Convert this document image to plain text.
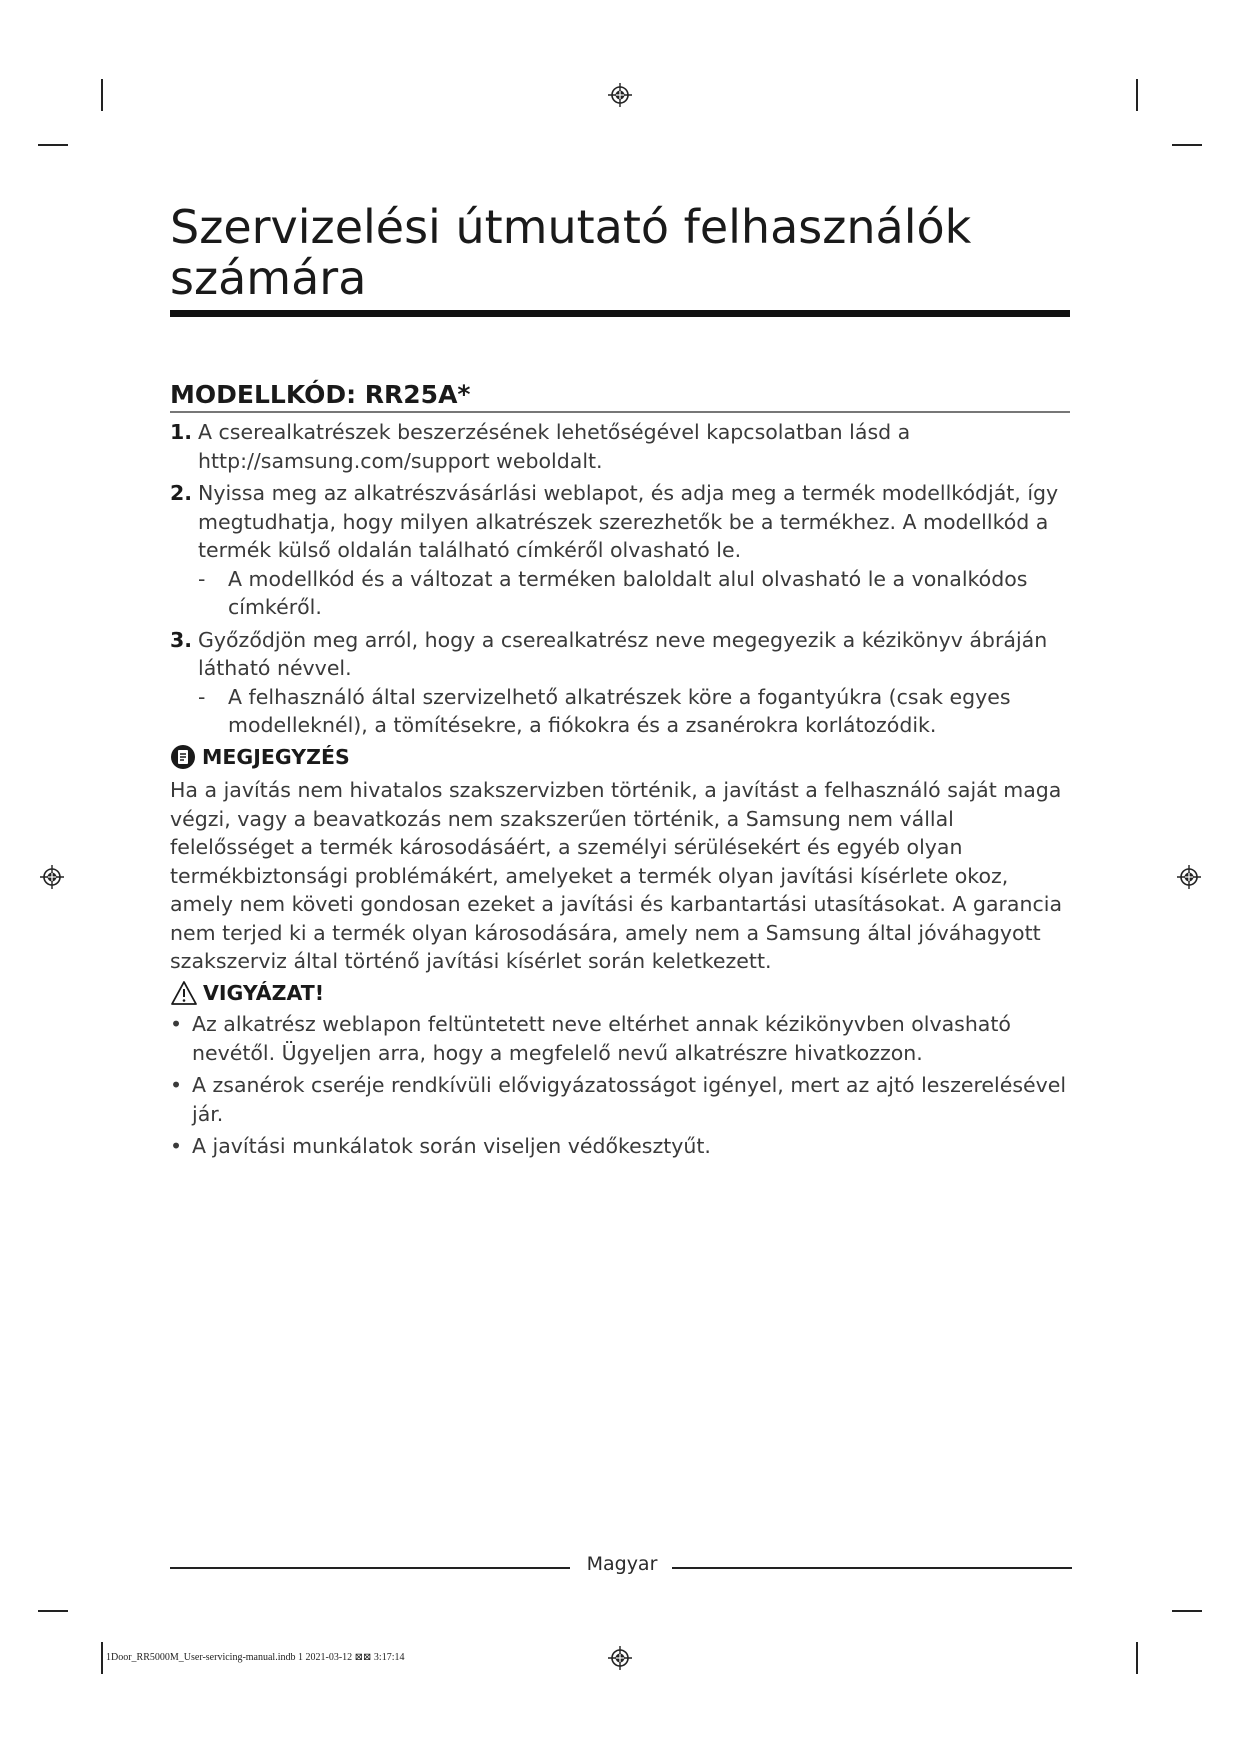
Szervizelési útmutató felhasználók számára
MODELLKÓD: RR25A*
1. A cserealkatrészek beszerzésének lehetőségével kapcsolatban lásd a http://samsung.com/support weboldalt.
2. Nyissa meg az alkatrészvásárlási weblapot, és adja meg a termék modellkódját, így megtudhatja, hogy milyen alkatrészek szerezhetők be a termékhez. A modellkód a termék külső oldalán található címkéről olvasható le.
- A modellkód és a változat a terméken baloldalt alul olvasható le a vonalkódos címkéről.
3. Győződjön meg arról, hogy a cserealkatrész neve megegyezik a kézikönyv ábráján látható névvel.
- A felhasználó által szervizelhető alkatrészek köre a fogantyúkra (csak egyes modelleknél), a tömítésekre, a fiókokra és a zsanérokra korlátozódik.
MEGJEGYZÉS
Ha a javítás nem hivatalos szakszervizben történik, a javítást a felhasználó saját maga végzi, vagy a beavatkozás nem szakszerűen történik, a Samsung nem vállal felelősséget a termék károsodásáért, a személyi sérülésekért és egyéb olyan termékbiztonsági problémákért, amelyeket a termék olyan javítási kísérlete okoz, amely nem követi gondosan ezeket a javítási és karbantartási utasításokat. A garancia nem terjed ki a termék olyan károsodására, amely nem a Samsung által jóváhagyott szakszerviz által történő javítási kísérlet során keletkezett.
VIGYÁZAT!
• Az alkatrész weblapon feltüntetett neve eltérhet annak kézikönyvben olvasható nevétől. Ügyeljen arra, hogy a megfelelő nevű alkatrészre hivatkozzon.
• A zsanérok cseréje rendkívüli elővigyázatosságot igényel, mert az ajtó leszerelésével jár.
• A javítási munkálatok során viseljen védőkesztyűt.
Magyar
1Door_RR5000M_User-servicing-manual.indb 1 2021-03-12 ⊠⊠ 3:17:14
